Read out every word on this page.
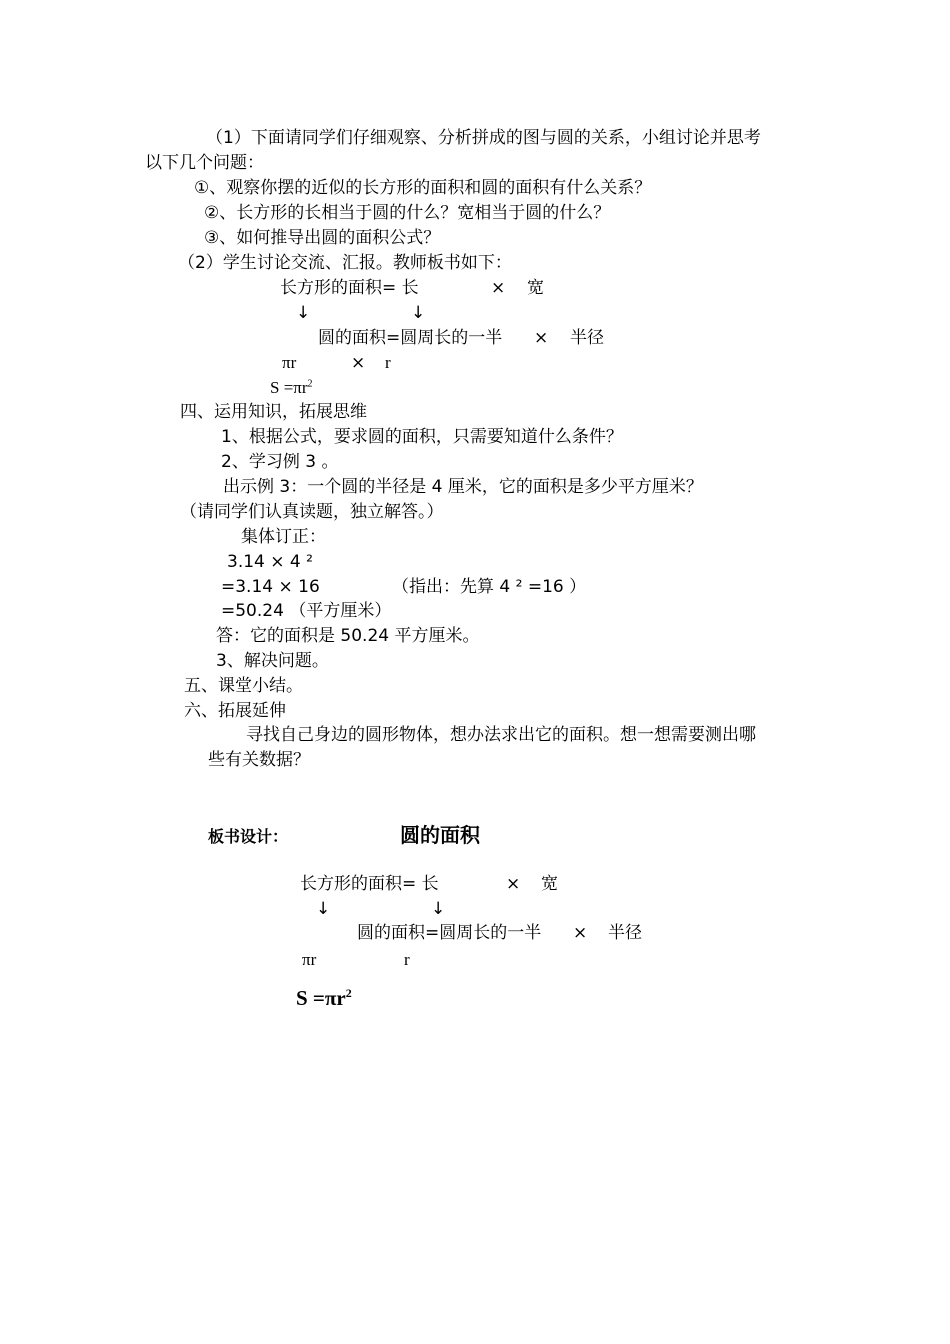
（1）下面请同学们仔细观察、分析拼成的图与圆的关系，小组讨论并思考
以下几个问题：
①、观察你摆的近似的长方形的面积和圆的面积有什么关系？
②、长方形的长相当于圆的什么？宽相当于圆的什么？
③、如何推导出圆的面积公式？
（2）学生讨论交流、汇报。教师板书如下：
长方形的面积= 长	× 宽
↓	↓
圆的面积=圆周长的一半 × 半径
πr	× r
$S =\pi r^2$
四、运用知识，拓展思维
1、根据公式，要求圆的面积，只需要知道什么条件？
2、学习例 3 。
出示例 3：一个圆的半径是 4 厘米，它的面积是多少平方厘米？
（请同学们认真读题，独立解答。）
集体订正：
3.14 × 4 ²
=3.14 × 16	（指出：先算 4 ² =16 ）
=50.24 （平方厘米）
答：它的面积是 50.24 平方厘米。
3、解决问题。
五、课堂小结。
六、拓展延伸
寻找自己身边的圆形物体，想办法求出它的面积。想一想需要测出哪
些有关数据？
板书设计：	圆的面积
长方形的面积= 长	× 宽
↓	↓
圆的面积=圆周长的一半 × 半径
πr	r
$S =\pi r^2$
